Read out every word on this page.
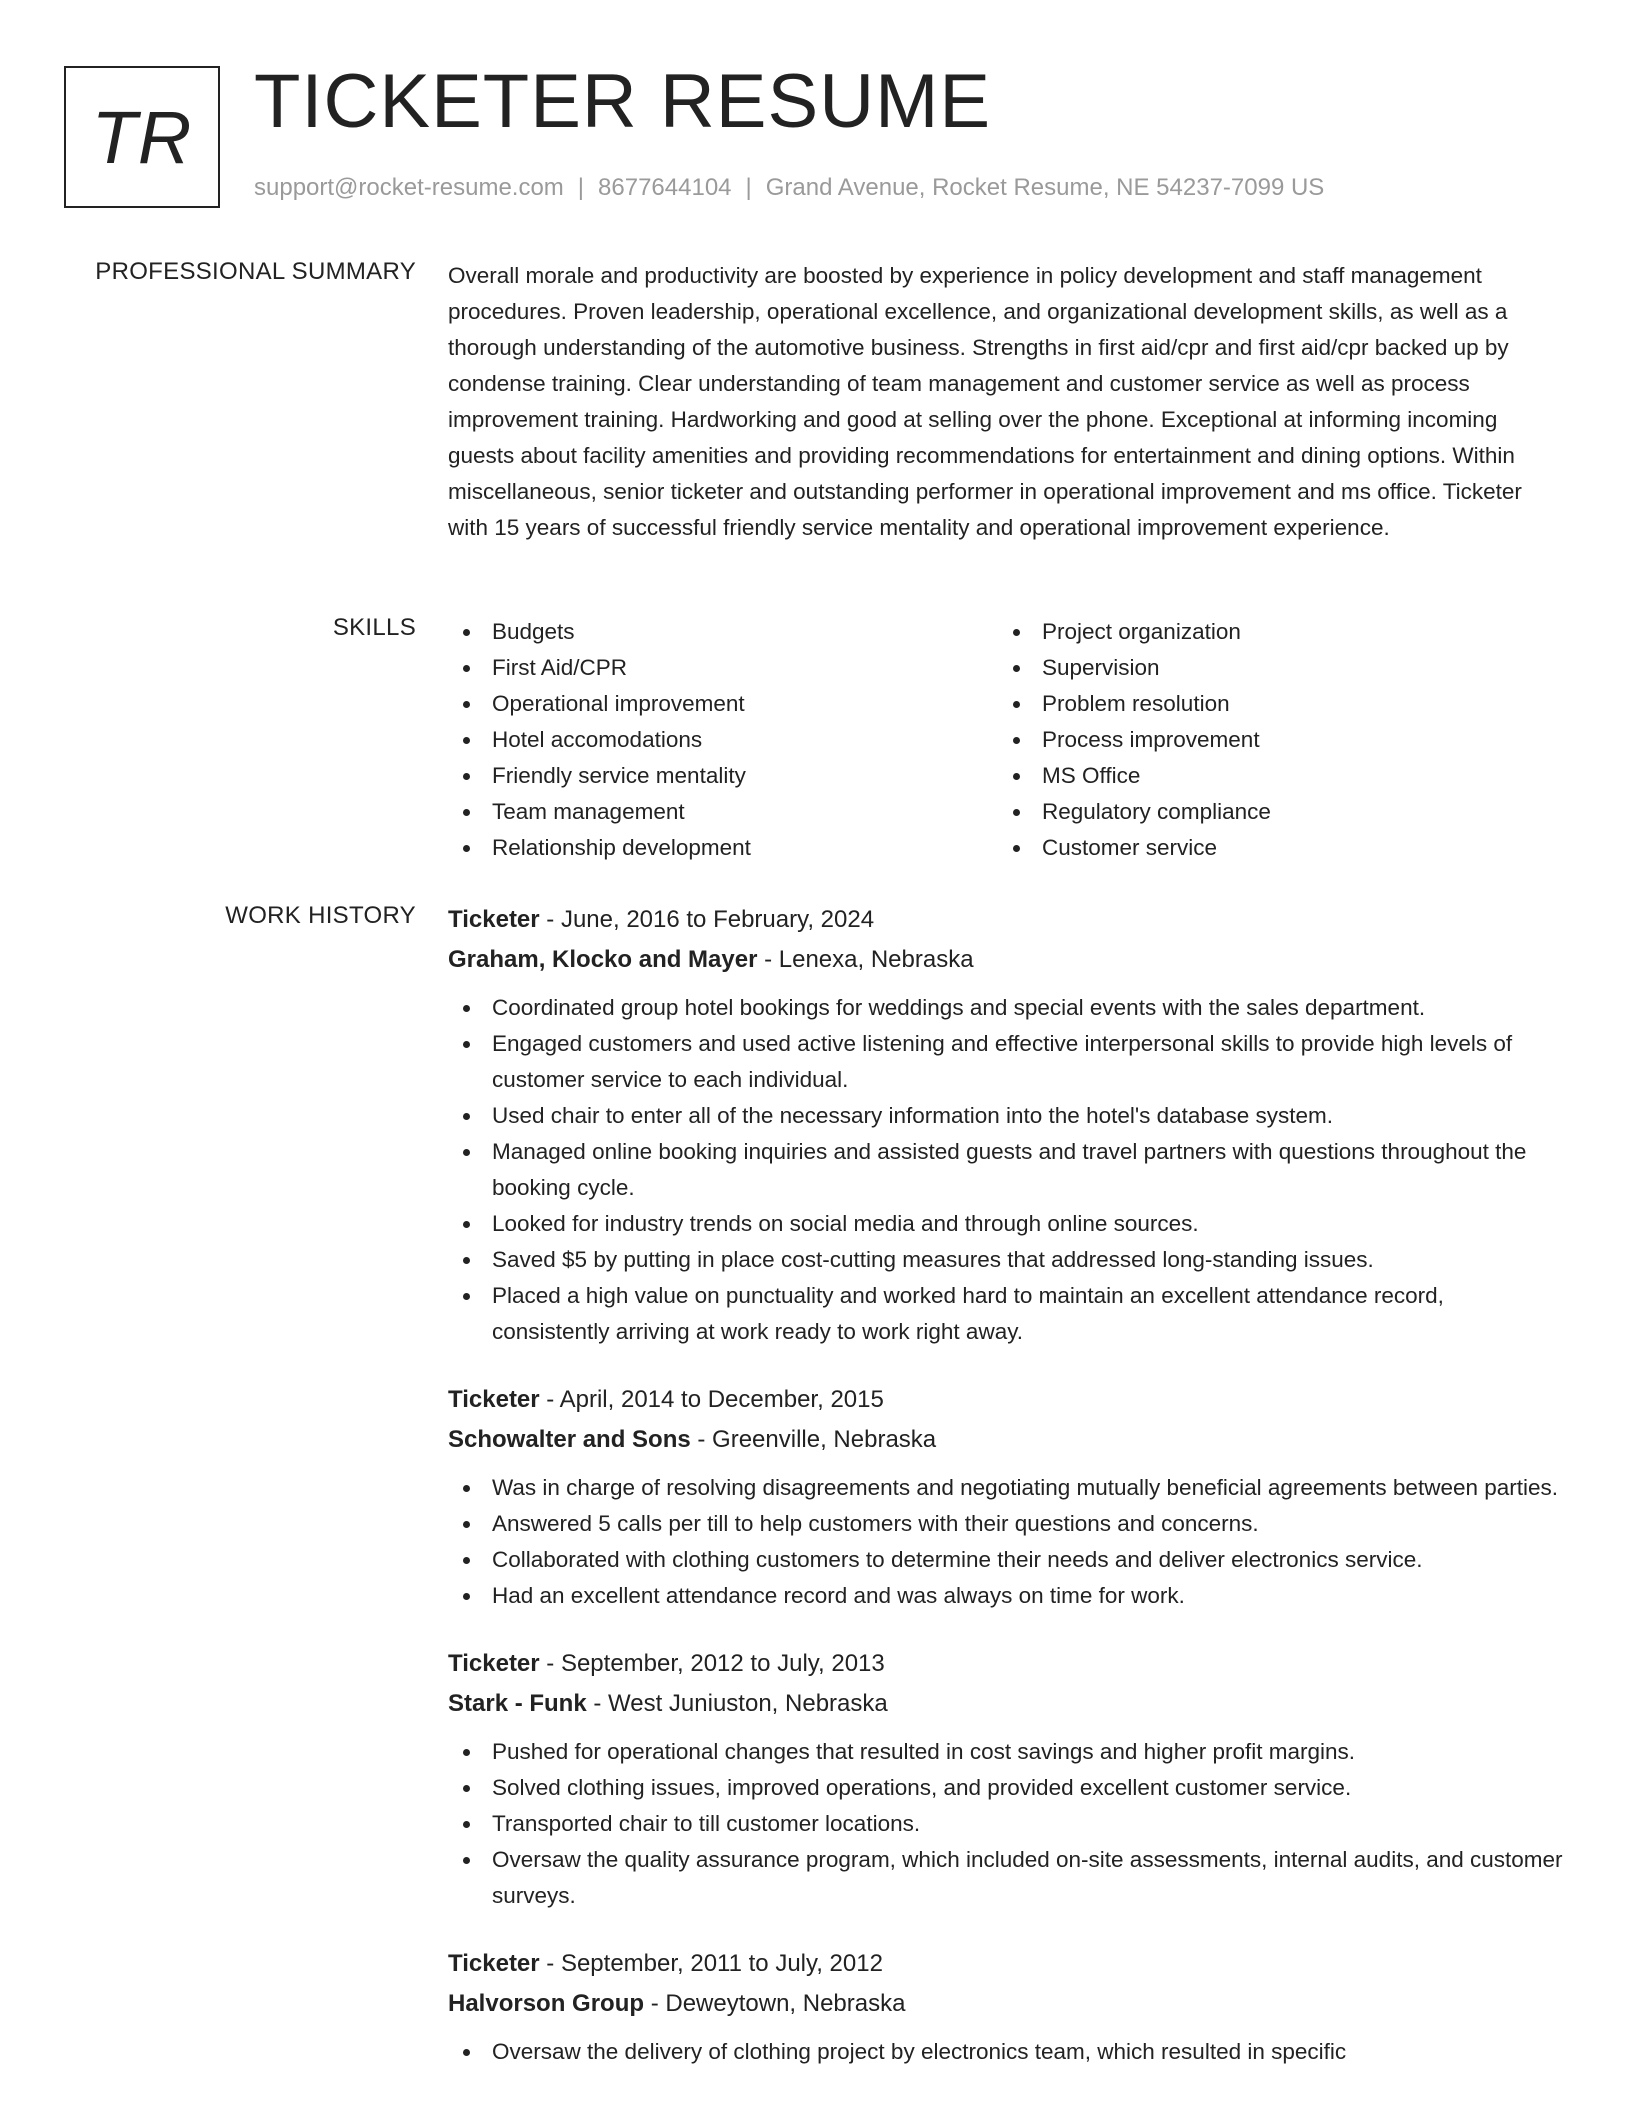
TR TICKETER RESUME
support@rocket-resume.com | 8677644104 | Grand Avenue, Rocket Resume, NE 54237-7099 US
PROFESSIONAL SUMMARY Overall morale and productivity are boosted by experience in policy development and staff management procedures. Proven leadership, operational excellence, and organizational development skills, as well as a thorough understanding of the automotive business. Strengths in first aid/cpr and first aid/cpr backed up by condense training. Clear understanding of team management and customer service as well as process improvement training. Hardworking and good at selling over the phone. Exceptional at informing incoming guests about facility amenities and providing recommendations for entertainment and dining options. Within miscellaneous, senior ticketer and outstanding performer in operational improvement and ms office. Ticketer with 15 years of successful friendly service mentality and operational improvement experience.

SKILLS	Budgets
First Aid/CPR
Operational improvement
Hotel accomodations
Friendly service mentality
Team management
Relationship development
Project organization
Supervision
Problem resolution
Process improvement
MS Office
Regulatory compliance
Customer service
WORK HISTORY Ticketer - June, 2016 to February, 2024
Graham, Klocko and Mayer - Lenexa, Nebraska
Coordinated group hotel bookings for weddings and special events with the sales department.
Engaged customers and used active listening and effective interpersonal skills to provide high levels of customer service to each individual.
Used chair to enter all of the necessary information into the hotel's database system.
Managed online booking inquiries and assisted guests and travel partners with questions throughout the booking cycle.
Looked for industry trends on social media and through online sources.
Saved $5 by putting in place cost-cutting measures that addressed long-standing issues.
Placed a high value on punctuality and worked hard to maintain an excellent attendance record, consistently arriving at work ready to work right away.
Ticketer - April, 2014 to December, 2015
Schowalter and Sons - Greenville, Nebraska
Was in charge of resolving disagreements and negotiating mutually beneficial agreements between parties.
Answered 5 calls per till to help customers with their questions and concerns.
Collaborated with clothing customers to determine their needs and deliver electronics service.
Had an excellent attendance record and was always on time for work.
Ticketer - September, 2012 to July, 2013
Stark - Funk - West Juniuston, Nebraska
Pushed for operational changes that resulted in cost savings and higher profit margins.
Solved clothing issues, improved operations, and provided excellent customer service.
Transported chair to till customer locations.
Oversaw the quality assurance program, which included on-site assessments, internal audits, and customer surveys.
Ticketer - September, 2011 to July, 2012
Halvorson Group - Deweytown, Nebraska
Oversaw the delivery of clothing project by electronics team, which resulted in specific
